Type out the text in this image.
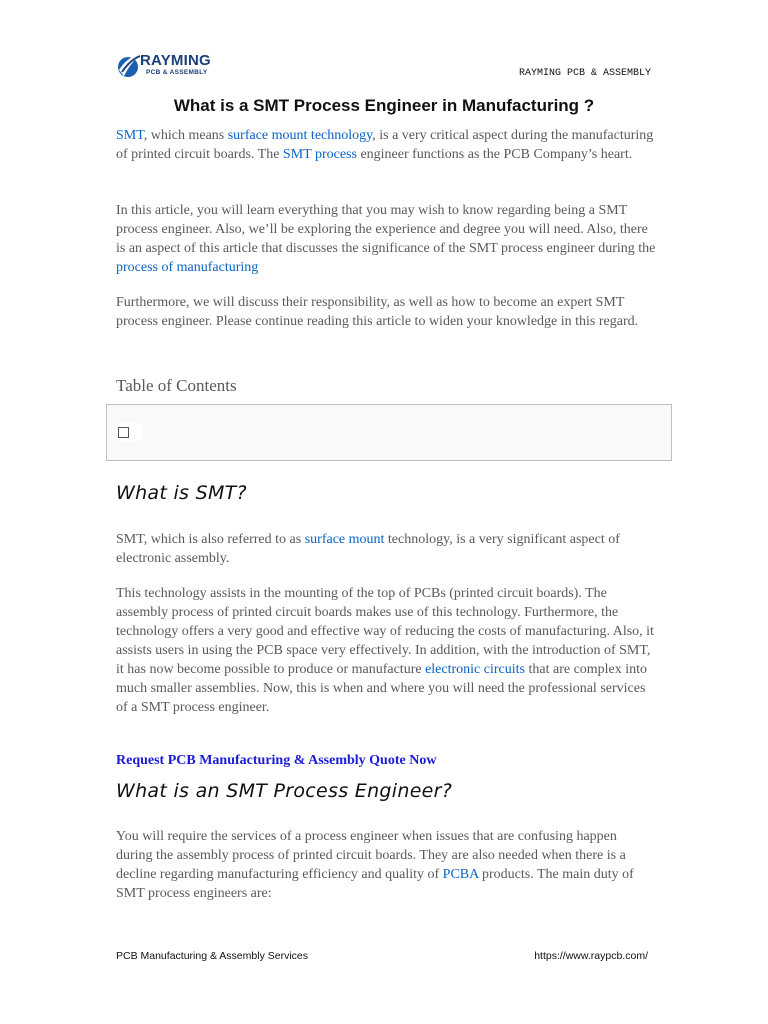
RAYMING
PCB & ASSEMBLY	RAYMING PCB & ASSEMBLY
What is a SMT Process Engineer in Manufacturing ?

SMT, which means surface mount technology, is a very critical aspect during the manufacturing of printed circuit boards. The SMT process engineer functions as the PCB Company’s heart.

In this article, you will learn everything that you may wish to know regarding being a SMT process engineer. Also, we’ll be exploring the experience and degree you will need. Also, there is an aspect of this article that discusses the significance of the SMT process engineer during the process of manufacturing

Furthermore, we will discuss their responsibility, as well as how to become an expert SMT process engineer. Please continue reading this article to widen your knowledge in this regard.

Table of Contents
What is SMT?

SMT, which is also referred to as surface mount technology, is a very significant aspect of electronic assembly.

This technology assists in the mounting of the top of PCBs (printed circuit boards). The assembly process of printed circuit boards makes use of this technology. Furthermore, the technology offers a very good and effective way of reducing the costs of manufacturing. Also, it assists users in using the PCB space very effectively. In addition, with the introduction of SMT, it has now become possible to produce or manufacture electronic circuits that are complex into much smaller assemblies. Now, this is when and where you will need the professional services of a SMT process engineer.

Request PCB Manufacturing & Assembly Quote Now
What is an SMT Process Engineer?

You will require the services of a process engineer when issues that are confusing happen during the assembly process of printed circuit boards. They are also needed when there is a decline regarding manufacturing efficiency and quality of PCBA products. The main duty of SMT process engineers are:

PCB Manufacturing & Assembly Services	https://www.raypcb.com/
